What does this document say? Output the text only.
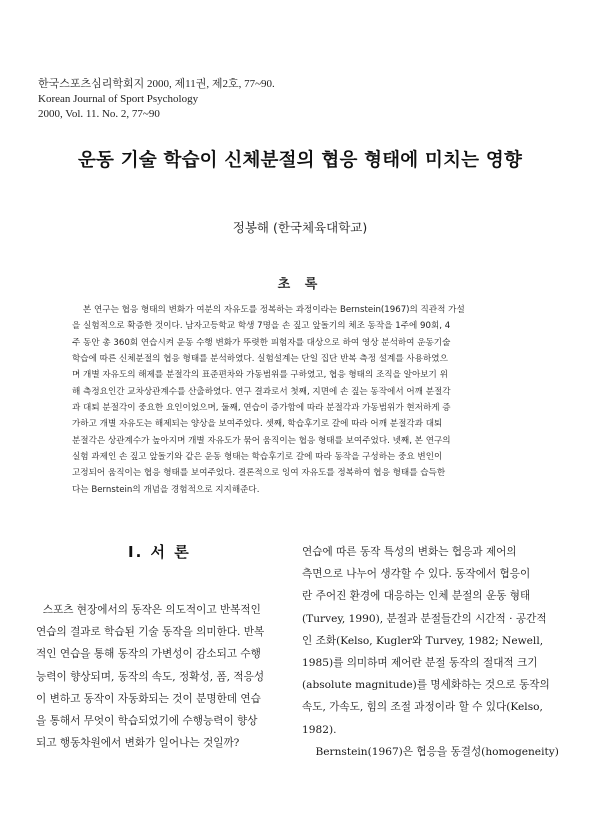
한국스포츠심리학회지 2000, 제11권, 제2호, 77~90.
Korean Journal of Sport Psychology
2000, Vol. 11. No. 2, 77~90
운동 기술 학습이 신체분절의 협응 형태에 미치는 영향
정봉해 (한국체육대학교)
초 록
본 연구는 협응 형태의 변화가 여분의 자유도를 정복하는 과정이라는 Bernstein(1967)의 직관적 가설
을 실험적으로 확증한 것이다. 남자고등학교 학생 7명을 손 짚고 앞돌기의 체조 동작을 1주에 90회, 4
주 동안 총 360회 연습시켜 운동 수행 변화가 뚜렷한 피험자를 대상으로 하여 영상 분석하여 운동기술
학습에 따른 신체분절의 협응 형태를 분석하였다. 실험설계는 단일 집단 반복 측정 설계를 사용하였으
며 개별 자유도의 해제를 분절각의 표준편차와 가동범위를 구하였고, 협응 형태의 조직을 알아보기 위
해 측정요인간 교차상관계수를 산출하였다. 연구 결과로서 첫째, 지면에 손 짚는 동작에서 어깨 분절각
과 대퇴 분절각이 중요한 요인이었으며, 둘째, 연습이 증가함에 따라 분절각과 가동범위가 현저하게 증
가하고 개별 자유도는 해제되는 양상을 보여주었다. 셋째, 학습후기로 갈에 따라 어깨 분절각과 대퇴
분절각은 상관계수가 높아지며 개별 자유도가 묶어 움직이는 협응 형태를 보여주었다. 넷째, 본 연구의
실험 과제인 손 짚고 앞돌기와 같은 운동 형태는 학습후기로 갈에 따라 동작을 구성하는 중요 변인이
고정되어 움직이는 협응 형태를 보여주었다. 결론적으로 잉여 자유도를 정복하여 협응 형태를 습득한
다는 Bernstein의 개념을 경험적으로 지지해준다.
Ⅰ. 서 론
스포츠 현장에서의 동작은 의도적이고 반복적인
연습의 결과로 학습된 기술 동작을 의미한다. 반복
적인 연습을 통해 동작의 가변성이 감소되고 수행
능력이 향상되며, 동작의 속도, 정확성, 폼, 적응성
이 변하고 동작이 자동화되는 것이 분명한데 연습
을 통해서 무엇이 학습되었기에 수행능력이 향상
되고 행동차원에서 변화가 일어나는 것일까?
연습에 따른 동작 특성의 변화는 협응과 제어의
측면으로 나누어 생각할 수 있다. 동작에서 협응이
란 주어진 환경에 대응하는 인체 분절의 운동 형태
(Turvey, 1990), 분절과 분절들간의 시간적 · 공간적
인 조화(Kelso, Kugler와 Turvey, 1982; Newell,
1985)를 의미하며 제어란 분절 동작의 절대적 크기
(absolute magnitude)를 명세화하는 것으로 동작의
속도, 가속도, 힘의 조절 과정이라 할 수 있다(Kelso,
1982).
Bernstein(1967)은 협응을 동결성(homogeneity)
